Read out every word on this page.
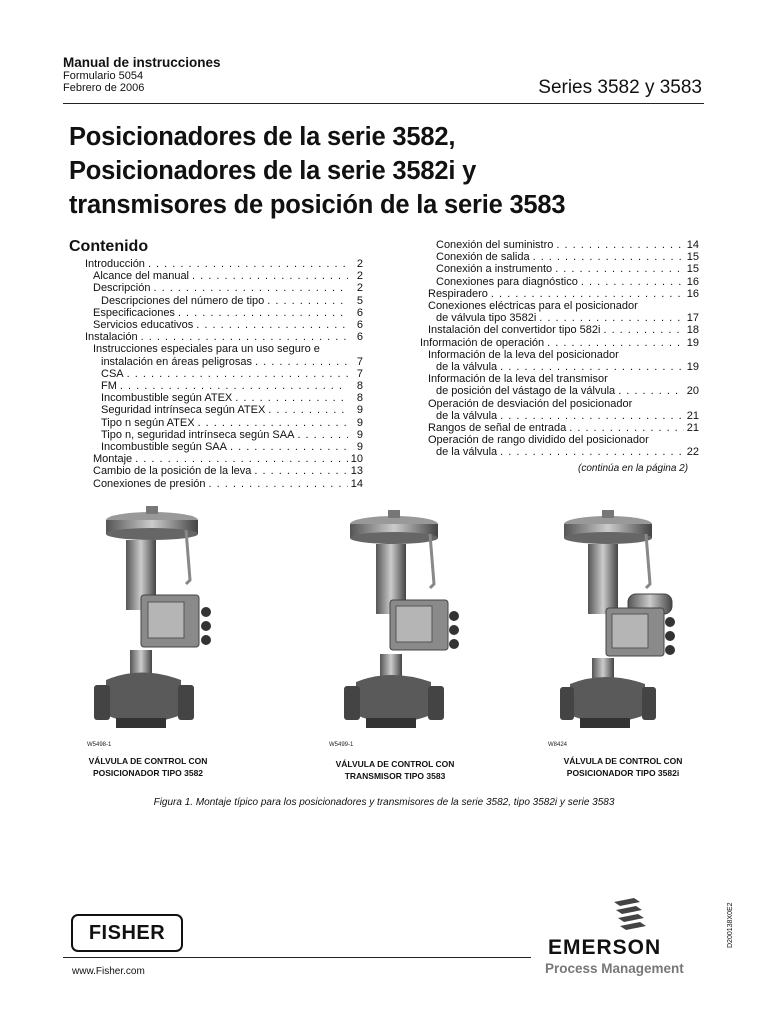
Manual de instrucciones
Formulario 5054
Febrero de 2006	Series 3582 y 3583
Posicionadores de la serie 3582,
Posicionadores de la serie 3582i y
transmisores de posición de la serie 3583
Contenido
Introducción . . .	2
Alcance del manual . . .	2
Descripción . . .	2
Descripciones del número de tipo . . .	5
Especificaciones . . .	6
Servicios educativos . . .	6
Instalación . . .	6
Instrucciones especiales para un uso seguro e
instalación en áreas peligrosas . . .	7
CSA . . .	7
FM . . .	8
Incombustible según ATEX . . .	8
Seguridad intrínseca según ATEX . . .	9
Tipo n según ATEX . . .	9
Tipo n, seguridad intrínseca según SAA . . .	9
Incombustible según SAA . . .	9
Montaje . . .	10
Cambio de la posición de la leva . . .	13
Conexiones de presión . . .	14
Conexión del suministro . . .	14
Conexión de salida . . .	15
Conexión a instrumento . . .	15
Conexiones para diagnóstico . . .	16
Respiradero . . .	16
Conexiones eléctricas para el posicionador
de válvula tipo 3582i . . .	17
Instalación del convertidor tipo 582i . . .	18
Información de operación . . .	19
Información de la leva del posicionador
de la válvula . . .	19
Información de la leva del transmisor
de posición del vástago de la válvula . . .	20
Operación de desviación del posicionador
de la válvula . . .	21
Rangos de señal de entrada . . .	21
Operación de rango dividido del posicionador
de la válvula . . .	22
(continúa en la página 2)
W5498-1	W5499-1	W8424
VÁLVULA DE CONTROL CON
POSICIONADOR TIPO 3582
VÁLVULA DE CONTROL CON
TRANSMISOR TIPO 3583
VÁLVULA DE CONTROL CON
POSICIONADOR TIPO 3582i
Figura 1. Montaje típico para los posicionadores y transmisores de la serie 3582, tipo 3582i y serie 3583
D200138X0E2
FISHER
www.Fisher.com
EMERSON
Process Management
